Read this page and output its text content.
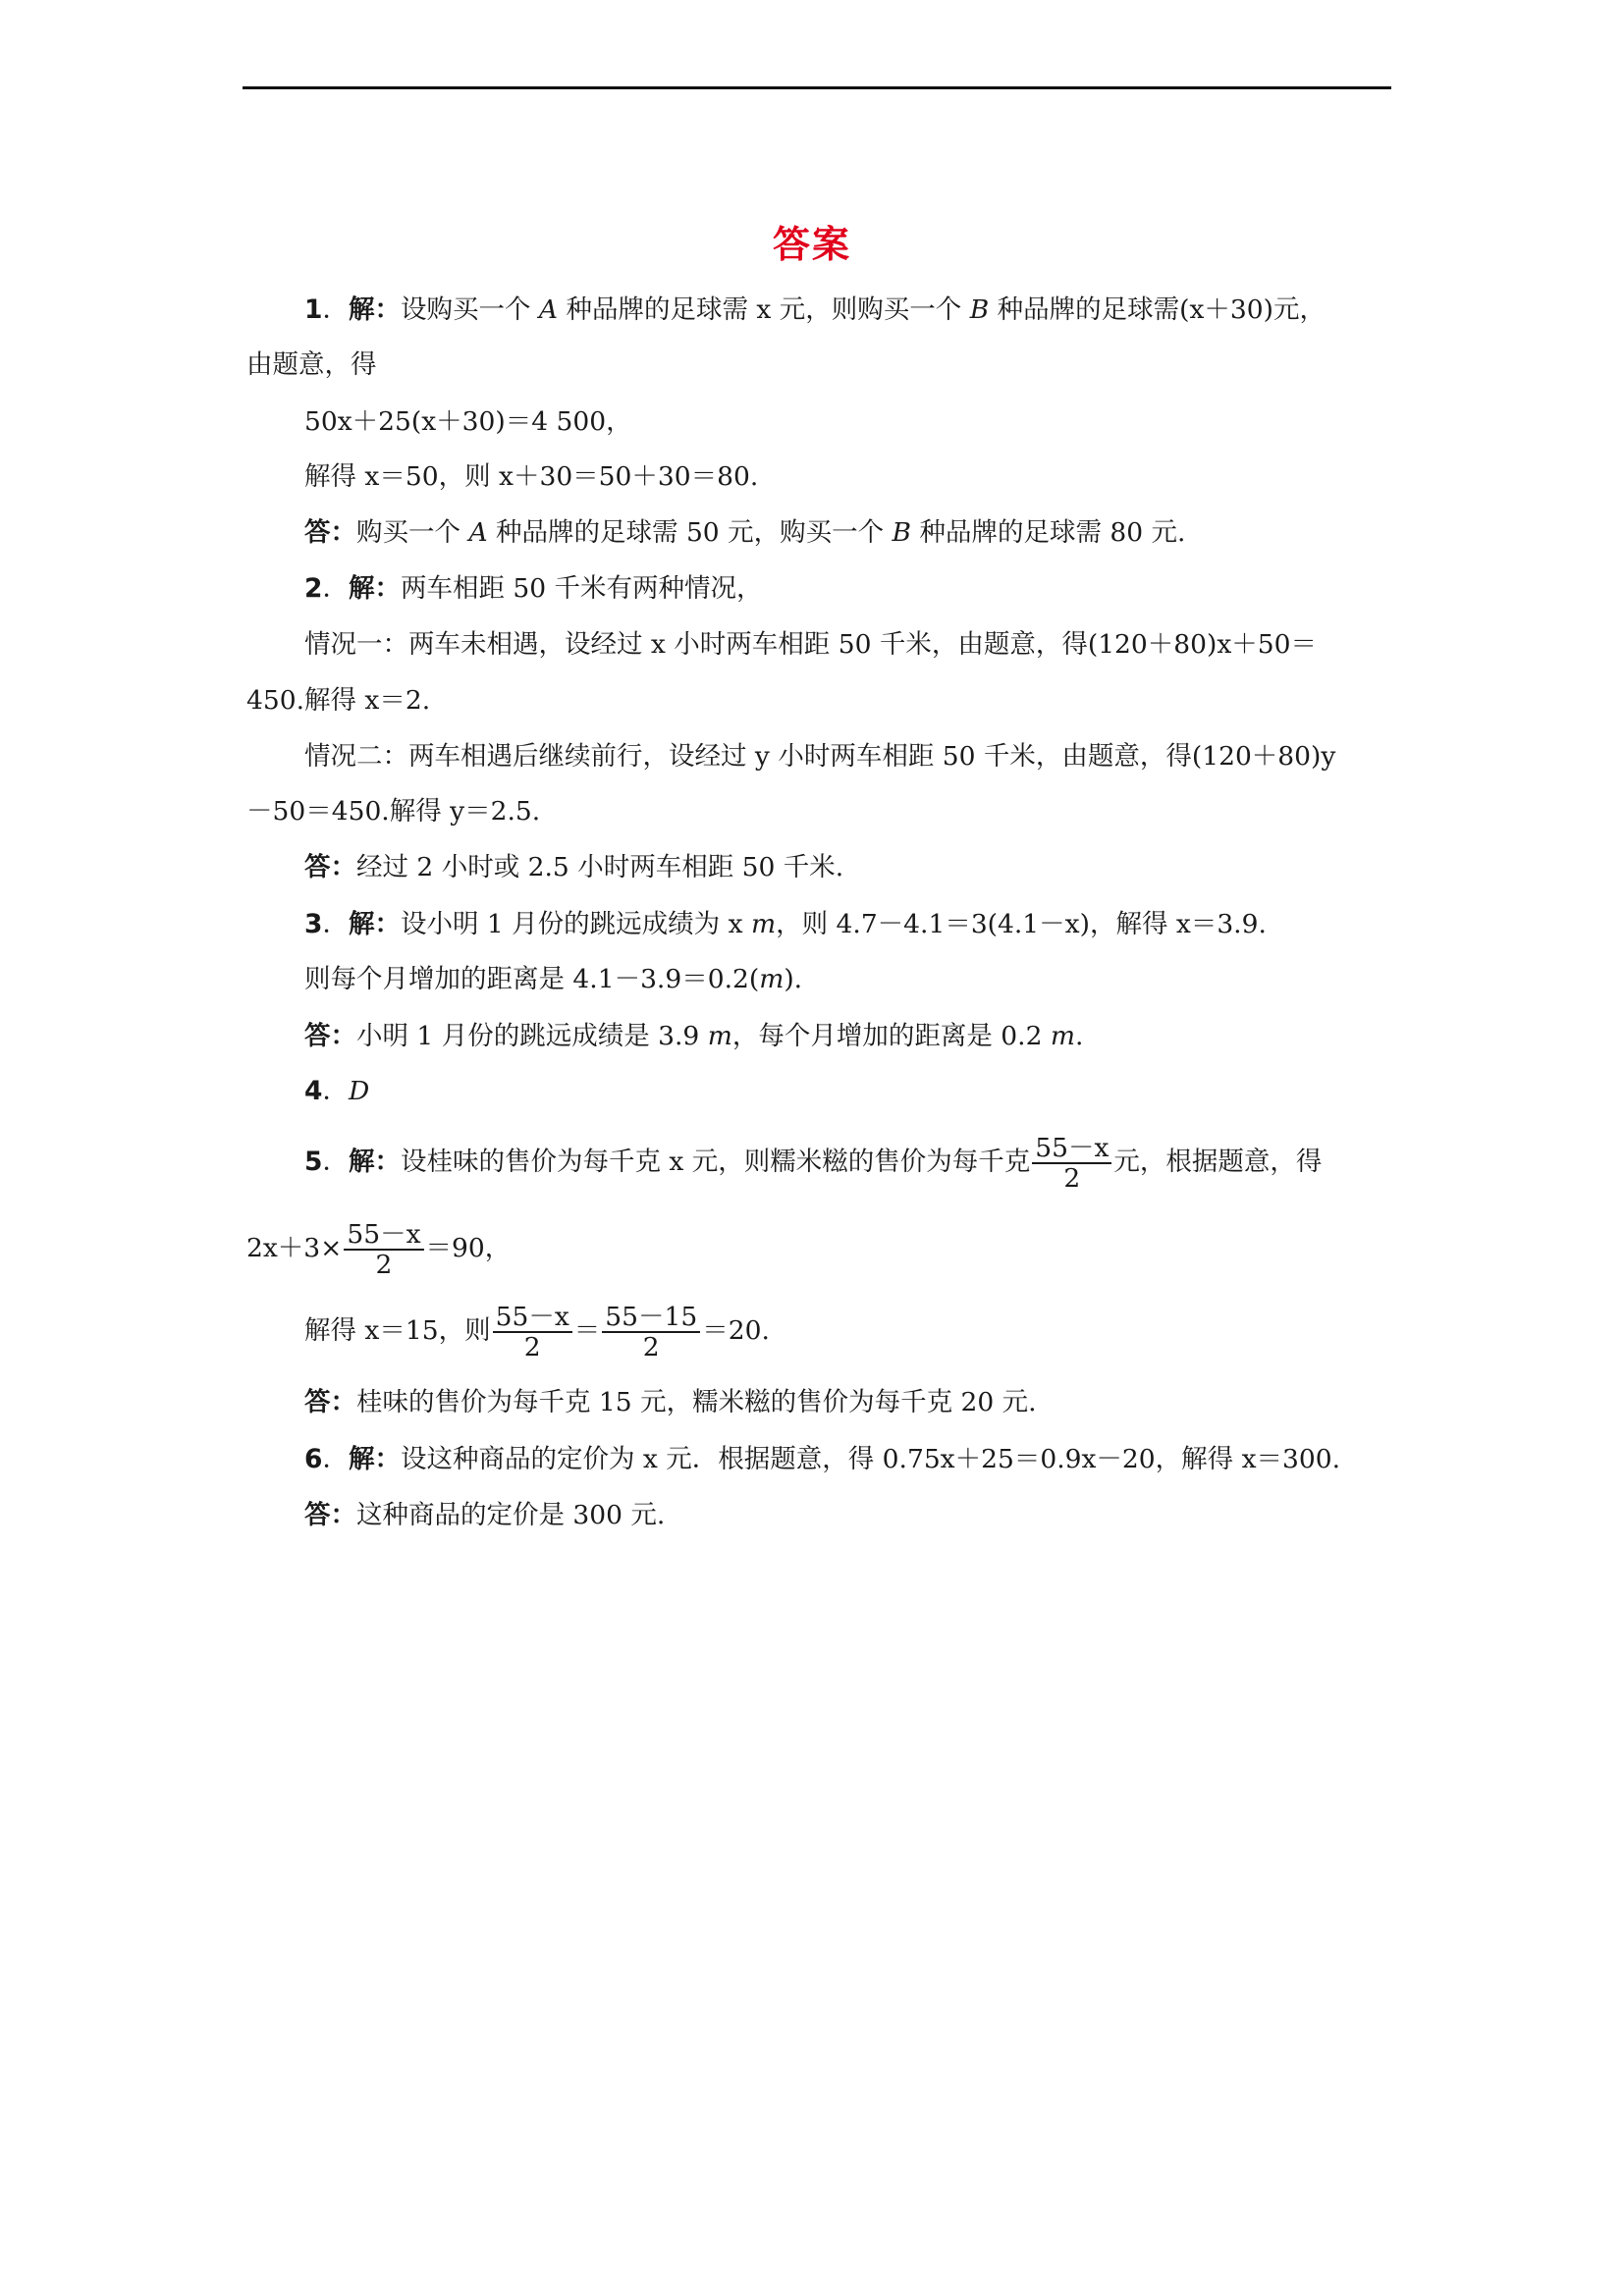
答案
1．解：设购买一个 A 种品牌的足球需 x 元，则购买一个 B 种品牌的足球需(x＋30)元，
由题意，得
50x＋25(x＋30)＝4 500，
解得 x＝50，则 x＋30＝50＋30＝80.
答：购买一个 A 种品牌的足球需 50 元，购买一个 B 种品牌的足球需 80 元.
2．解：两车相距 50 千米有两种情况，
情况一：两车未相遇，设经过 x 小时两车相距 50 千米，由题意，得(120＋80)x＋50＝
450.解得 x＝2.
情况二：两车相遇后继续前行，设经过 y 小时两车相距 50 千米，由题意，得(120＋80)y
－50＝450.解得 y＝2.5.
答：经过 2 小时或 2.5 小时两车相距 50 千米.
3．解：设小明 1 月份的跳远成绩为 x m，则 4.7－4.1＝3(4.1－x)，解得 x＝3.9.
则每个月增加的距离是 4.1－3.9＝0.2(m).
答：小明 1 月份的跳远成绩是 3.9 m，每个月增加的距离是 0.2 m.
4．D
5．解：设桂味的售价为每千克 x 元，则糯米糍的售价为每千克 $\frac{55-x}{2}$ 元，根据题意，得
$2x+3\times \frac{55-x}{2} =90$，
解得 x＝15，则 $\frac{55-x}{2} = \frac{55-15}{2} =20$.
答：桂味的售价为每千克 15 元，糯米糍的售价为每千克 20 元.
6．解：设这种商品的定价为 x 元．根据题意，得 0.75x＋25＝0.9x－20，解得 x＝300.
答：这种商品的定价是 300 元.
